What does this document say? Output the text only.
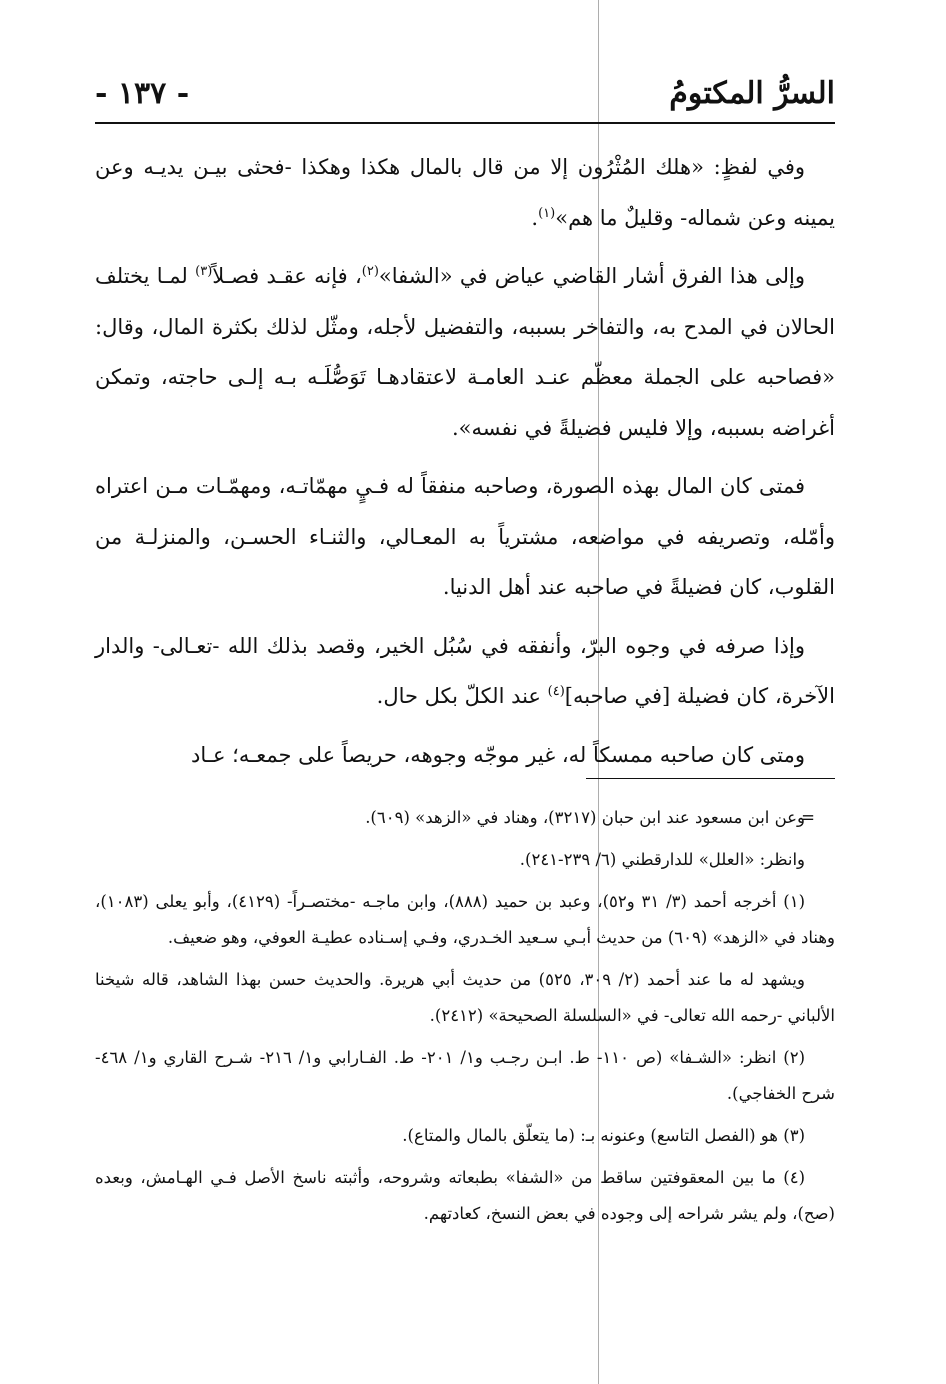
السرُّ المكتومُ
- ١٣٧ -

وفي لفظٍ: «هلك المُثْرُون إلا من قال بالمال هكذا وهكذا -فحثى بيـن يديـه وعن يمينه وعن شماله- وقليلٌ ما هم»$^{(١)}$.

وإلى هذا الفرق أشار القاضي عياض في «الشفا»$^{(٢)}$، فإنه عقـد فصـلاً$^{(٣)}$ لمـا يختلف الحالان في المدح به، والتفاخر بسببه، والتفضيل لأجله، ومثّل لذلك بكثرة المال، وقال: «فصاحبه على الجملة معظّم عنـد العامـة لاعتقادهـا تَوَصُّلَـه بـه إلـى حاجته، وتمكن أغراضه بسببه، وإلا فليس فضيلةً في نفسه».

فمتى كان المال بهذه الصورة، وصاحبه منفقاً له فـيٍ مهمّاتـه، ومهمّـات مـن اعتراه وأمّله، وتصريفه في مواضعه، مشترياً به المعـالي، والثنـاء الحسـن، والمنزلـة من القلوب، كان فضيلةً في صاحبه عند أهل الدنيا.

وإذا صرفه في وجوه البرّ، وأنفقه في سُبُل الخير، وقصد بذلك الله -تعـالى- والدار الآخرة، كان فضيلة [في صاحبه]$^{(٤)}$ عند الكلّ بكل حال.

ومتى كان صاحبه ممسكاً له، غير موجّه وجوهه، حريصاً على جمعـه؛ عـاد

=
وعن ابن مسعود عند ابن حبان (٣٢١٧)، وهناد في «الزهد» (٦٠٩).

وانظر: «العلل» للدارقطني (٦/ ٢٣٩-٢٤١).

(١) أخرجه أحمد (٣/ ٣١ و٥٢)، وعبد بن حميد (٨٨٨)، وابن ماجـه -مختصـراً- (٤١٢٩)، وأبو يعلى (١٠٨٣)، وهناد في «الزهد» (٦٠٩) من حديث أبـي سـعيد الخـدري، وفـي إسـناده عطيـة العوفي، وهو ضعيف.

ويشهد له ما عند أحمد (٢/ ٣٠٩، ٥٢٥) من حديث أبي هريرة. والحديث حسن بهذا الشاهد، قاله شيخنا الألباني -رحمه الله تعالى- في «السلسلة الصحيحة» (٢٤١٢).

(٢) انظر: «الشـفا» (ص ١١٠- ط. ابـن رجـب و١/ ٢٠١- ط. الفـارابي و١/ ٢١٦- شـرح القاري و١/ ٤٦٨- شرح الخفاجي).

(٣) هو (الفصل التاسع) وعنونه بـ: (ما يتعلّق بالمال والمتاع).

(٤) ما بين المعقوفتين ساقط من «الشفا» بطبعاته وشروحه، وأثبته ناسخ الأصل فـي الهـامش، وبعده (صح)، ولم يشر شراحه إلى وجوده في بعض النسخ، كعادتهم.
